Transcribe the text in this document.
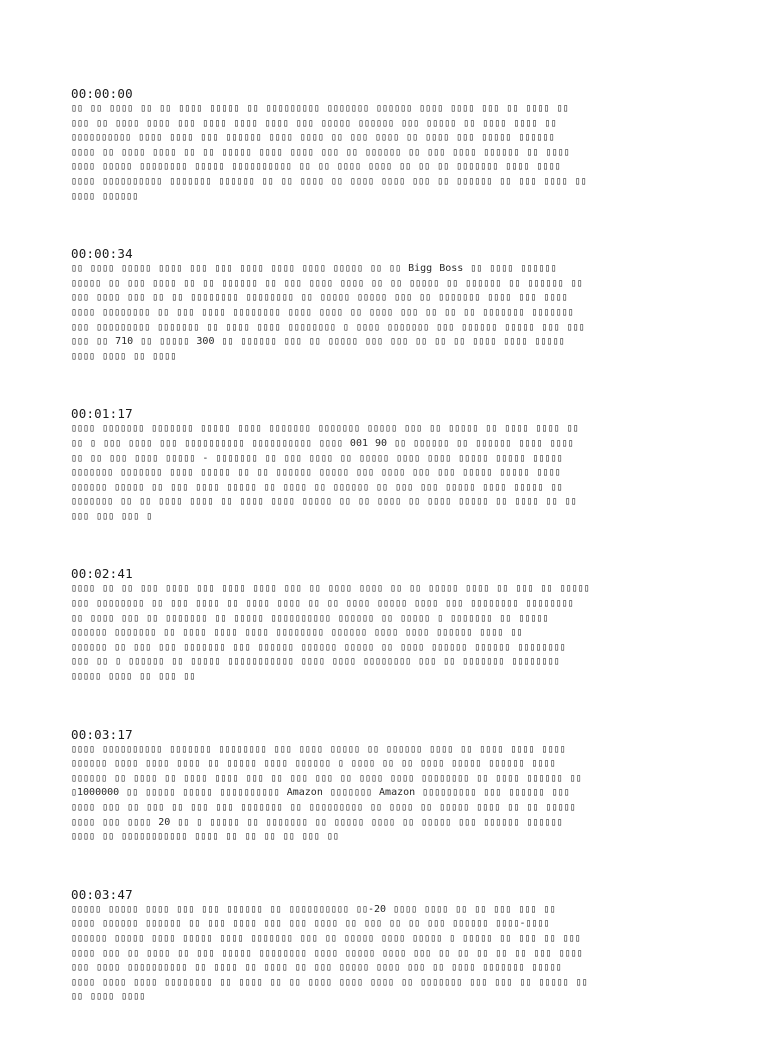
00:00:00
▯▯ ▯▯ ▯▯▯▯ ▯▯ ▯▯ ▯▯▯▯ ▯▯▯▯▯ ▯▯ ▯▯▯▯▯▯▯▯▯ ▯▯▯▯▯▯▯ ▯▯▯▯▯▯ ▯▯▯▯ ▯▯▯▯ ▯▯▯ ▯▯ ▯▯▯▯ ▯▯
▯▯▯ ▯▯ ▯▯▯▯ ▯▯▯▯ ▯▯▯ ▯▯▯▯ ▯▯▯▯ ▯▯▯▯ ▯▯▯ ▯▯▯▯▯ ▯▯▯▯▯▯ ▯▯▯ ▯▯▯▯▯ ▯▯ ▯▯▯▯ ▯▯▯▯ ▯▯
▯▯▯▯▯▯▯▯▯▯ ▯▯▯▯ ▯▯▯▯ ▯▯▯ ▯▯▯▯▯▯ ▯▯▯▯ ▯▯▯▯ ▯▯ ▯▯▯ ▯▯▯▯ ▯▯ ▯▯▯▯ ▯▯▯ ▯▯▯▯▯ ▯▯▯▯▯▯
▯▯▯▯ ▯▯ ▯▯▯▯ ▯▯▯▯ ▯▯ ▯▯ ▯▯▯▯▯ ▯▯▯▯ ▯▯▯▯ ▯▯▯ ▯▯ ▯▯▯▯▯▯ ▯▯ ▯▯▯ ▯▯▯▯ ▯▯▯▯▯▯ ▯▯ ▯▯▯▯
▯▯▯▯ ▯▯▯▯▯ ▯▯▯▯▯▯▯▯ ▯▯▯▯▯ ▯▯▯▯▯▯▯▯▯▯ ▯▯ ▯▯ ▯▯▯▯ ▯▯▯▯ ▯▯ ▯▯ ▯▯ ▯▯▯▯▯▯▯ ▯▯▯▯ ▯▯▯▯
▯▯▯▯ ▯▯▯▯▯▯▯▯▯▯ ▯▯▯▯▯▯▯ ▯▯▯▯▯▯ ▯▯ ▯▯ ▯▯▯▯ ▯▯ ▯▯▯▯ ▯▯▯▯ ▯▯▯ ▯▯ ▯▯▯▯▯▯ ▯▯ ▯▯▯ ▯▯▯▯ ▯▯
▯▯▯▯ ▯▯▯▯▯▯
00:00:34
▯▯ ▯▯▯▯ ▯▯▯▯▯ ▯▯▯▯ ▯▯▯ ▯▯▯ ▯▯▯▯ ▯▯▯▯ ▯▯▯▯ ▯▯▯▯▯ ▯▯ ▯▯ Bigg Boss ▯▯ ▯▯▯▯ ▯▯▯▯▯▯
▯▯▯▯▯ ▯▯ ▯▯▯ ▯▯▯▯ ▯▯ ▯▯ ▯▯▯▯▯▯ ▯▯ ▯▯▯ ▯▯▯▯ ▯▯▯▯ ▯▯ ▯▯ ▯▯▯▯▯ ▯▯ ▯▯▯▯▯▯ ▯▯ ▯▯▯▯▯▯ ▯▯
▯▯▯ ▯▯▯▯ ▯▯▯ ▯▯ ▯▯ ▯▯▯▯▯▯▯▯ ▯▯▯▯▯▯▯▯ ▯▯ ▯▯▯▯▯ ▯▯▯▯▯ ▯▯▯ ▯▯ ▯▯▯▯▯▯▯ ▯▯▯▯ ▯▯▯ ▯▯▯▯
▯▯▯▯ ▯▯▯▯▯▯▯▯ ▯▯ ▯▯▯ ▯▯▯▯ ▯▯▯▯▯▯▯▯ ▯▯▯▯ ▯▯▯▯ ▯▯ ▯▯▯▯ ▯▯▯ ▯▯ ▯▯ ▯▯ ▯▯▯▯▯▯▯ ▯▯▯▯▯▯▯
▯▯▯ ▯▯▯▯▯▯▯▯▯ ▯▯▯▯▯▯▯ ▯▯ ▯▯▯▯ ▯▯▯▯ ▯▯▯▯▯▯▯▯ ▯ ▯▯▯▯ ▯▯▯▯▯▯▯ ▯▯▯ ▯▯▯▯▯▯ ▯▯▯▯▯ ▯▯▯ ▯▯▯
▯▯▯ ▯▯ 710 ▯▯ ▯▯▯▯▯ 300 ▯▯ ▯▯▯▯▯▯ ▯▯▯ ▯▯ ▯▯▯▯▯ ▯▯▯ ▯▯▯ ▯▯ ▯▯ ▯▯ ▯▯▯▯ ▯▯▯▯ ▯▯▯▯▯
▯▯▯▯ ▯▯▯▯ ▯▯ ▯▯▯▯
00:01:17
▯▯▯▯ ▯▯▯▯▯▯▯ ▯▯▯▯▯▯▯ ▯▯▯▯▯ ▯▯▯▯ ▯▯▯▯▯▯▯ ▯▯▯▯▯▯▯ ▯▯▯▯▯ ▯▯▯ ▯▯ ▯▯▯▯▯ ▯▯ ▯▯▯▯ ▯▯▯▯ ▯▯
▯▯ ▯ ▯▯▯ ▯▯▯▯ ▯▯▯ ▯▯▯▯▯▯▯▯▯▯ ▯▯▯▯▯▯▯▯▯▯ ▯▯▯▯ 001 90 ▯▯ ▯▯▯▯▯▯ ▯▯ ▯▯▯▯▯▯ ▯▯▯▯ ▯▯▯▯
▯▯ ▯▯ ▯▯▯ ▯▯▯▯ ▯▯▯▯▯ - ▯▯▯▯▯▯▯ ▯▯ ▯▯▯ ▯▯▯▯ ▯▯ ▯▯▯▯▯ ▯▯▯▯ ▯▯▯▯ ▯▯▯▯▯ ▯▯▯▯▯ ▯▯▯▯▯
▯▯▯▯▯▯▯ ▯▯▯▯▯▯▯ ▯▯▯▯ ▯▯▯▯▯ ▯▯ ▯▯ ▯▯▯▯▯▯ ▯▯▯▯▯ ▯▯▯ ▯▯▯▯ ▯▯▯ ▯▯▯ ▯▯▯▯▯ ▯▯▯▯▯ ▯▯▯▯
▯▯▯▯▯▯ ▯▯▯▯▯ ▯▯ ▯▯▯ ▯▯▯▯ ▯▯▯▯▯ ▯▯ ▯▯▯▯ ▯▯ ▯▯▯▯▯▯ ▯▯ ▯▯▯ ▯▯▯ ▯▯▯▯▯ ▯▯▯▯ ▯▯▯▯▯ ▯▯
▯▯▯▯▯▯▯ ▯▯ ▯▯ ▯▯▯▯ ▯▯▯▯ ▯▯ ▯▯▯▯ ▯▯▯▯ ▯▯▯▯▯ ▯▯ ▯▯ ▯▯▯▯ ▯▯ ▯▯▯▯ ▯▯▯▯▯ ▯▯ ▯▯▯▯ ▯▯ ▯▯
▯▯▯ ▯▯▯ ▯▯▯ ▯
00:02:41
▯▯▯▯ ▯▯ ▯▯ ▯▯▯ ▯▯▯▯ ▯▯▯ ▯▯▯▯ ▯▯▯▯ ▯▯▯ ▯▯ ▯▯▯▯ ▯▯▯▯ ▯▯ ▯▯ ▯▯▯▯▯ ▯▯▯▯ ▯▯ ▯▯▯ ▯▯ ▯▯▯▯▯
▯▯▯ ▯▯▯▯▯▯▯▯ ▯▯ ▯▯▯ ▯▯▯▯ ▯▯ ▯▯▯▯ ▯▯▯▯ ▯▯ ▯▯ ▯▯▯▯ ▯▯▯▯▯ ▯▯▯▯ ▯▯▯ ▯▯▯▯▯▯▯▯ ▯▯▯▯▯▯▯▯
▯▯ ▯▯▯▯ ▯▯▯ ▯▯ ▯▯▯▯▯▯▯ ▯▯ ▯▯▯▯▯ ▯▯▯▯▯▯▯▯▯▯ ▯▯▯▯▯▯ ▯▯ ▯▯▯▯▯ ▯ ▯▯▯▯▯▯▯ ▯▯ ▯▯▯▯▯
▯▯▯▯▯▯ ▯▯▯▯▯▯▯ ▯▯ ▯▯▯▯ ▯▯▯▯ ▯▯▯▯ ▯▯▯▯▯▯▯▯ ▯▯▯▯▯▯ ▯▯▯▯ ▯▯▯▯ ▯▯▯▯▯▯ ▯▯▯▯ ▯▯
▯▯▯▯▯▯ ▯▯ ▯▯▯ ▯▯▯ ▯▯▯▯▯▯▯ ▯▯▯ ▯▯▯▯▯▯ ▯▯▯▯▯▯ ▯▯▯▯▯ ▯▯ ▯▯▯▯ ▯▯▯▯▯▯ ▯▯▯▯▯▯ ▯▯▯▯▯▯▯▯
▯▯▯ ▯▯ ▯ ▯▯▯▯▯▯ ▯▯ ▯▯▯▯▯ ▯▯▯▯▯▯▯▯▯▯▯ ▯▯▯▯ ▯▯▯▯ ▯▯▯▯▯▯▯▯ ▯▯▯ ▯▯ ▯▯▯▯▯▯▯ ▯▯▯▯▯▯▯▯
▯▯▯▯▯ ▯▯▯▯ ▯▯ ▯▯▯ ▯▯
00:03:17
▯▯▯▯ ▯▯▯▯▯▯▯▯▯▯ ▯▯▯▯▯▯▯ ▯▯▯▯▯▯▯▯ ▯▯▯ ▯▯▯▯ ▯▯▯▯▯ ▯▯ ▯▯▯▯▯▯ ▯▯▯▯ ▯▯ ▯▯▯▯ ▯▯▯▯ ▯▯▯▯
▯▯▯▯▯▯ ▯▯▯▯ ▯▯▯▯ ▯▯▯▯ ▯▯ ▯▯▯▯▯ ▯▯▯▯ ▯▯▯▯▯▯ ▯ ▯▯▯▯ ▯▯ ▯▯ ▯▯▯▯ ▯▯▯▯▯ ▯▯▯▯▯▯ ▯▯▯▯
▯▯▯▯▯▯ ▯▯ ▯▯▯▯ ▯▯ ▯▯▯▯ ▯▯▯▯ ▯▯▯ ▯▯ ▯▯▯ ▯▯▯ ▯▯ ▯▯▯▯ ▯▯▯▯ ▯▯▯▯▯▯▯▯ ▯▯ ▯▯▯▯ ▯▯▯▯▯▯ ▯▯
▯1000000 ▯▯ ▯▯▯▯▯ ▯▯▯▯▯ ▯▯▯▯▯▯▯▯▯▯ Amazon ▯▯▯▯▯▯▯ Amazon ▯▯▯▯▯▯▯▯▯ ▯▯▯ ▯▯▯▯▯▯ ▯▯▯
▯▯▯▯ ▯▯▯ ▯▯ ▯▯▯ ▯▯ ▯▯▯ ▯▯▯ ▯▯▯▯▯▯▯ ▯▯ ▯▯▯▯▯▯▯▯▯ ▯▯ ▯▯▯▯ ▯▯ ▯▯▯▯▯ ▯▯▯▯ ▯▯ ▯▯ ▯▯▯▯▯
▯▯▯▯ ▯▯▯ ▯▯▯▯ 20 ▯▯ ▯ ▯▯▯▯▯ ▯▯ ▯▯▯▯▯▯▯ ▯▯ ▯▯▯▯▯ ▯▯▯▯ ▯▯ ▯▯▯▯▯ ▯▯▯ ▯▯▯▯▯▯ ▯▯▯▯▯▯
▯▯▯▯ ▯▯ ▯▯▯▯▯▯▯▯▯▯▯ ▯▯▯▯ ▯▯ ▯▯ ▯▯ ▯▯ ▯▯▯ ▯▯
00:03:47
▯▯▯▯▯ ▯▯▯▯▯ ▯▯▯▯ ▯▯▯ ▯▯▯ ▯▯▯▯▯▯ ▯▯ ▯▯▯▯▯▯▯▯▯▯ ▯▯-20 ▯▯▯▯ ▯▯▯▯ ▯▯ ▯▯ ▯▯▯ ▯▯▯ ▯▯
▯▯▯▯ ▯▯▯▯▯▯ ▯▯▯▯▯▯ ▯▯ ▯▯▯ ▯▯▯▯ ▯▯▯ ▯▯▯ ▯▯▯▯ ▯▯ ▯▯▯ ▯▯ ▯▯ ▯▯▯ ▯▯▯▯▯▯ ▯▯▯▯-▯▯▯▯
▯▯▯▯▯▯ ▯▯▯▯▯ ▯▯▯▯ ▯▯▯▯▯ ▯▯▯▯ ▯▯▯▯▯▯▯ ▯▯▯ ▯▯ ▯▯▯▯▯ ▯▯▯▯ ▯▯▯▯▯ ▯ ▯▯▯▯▯ ▯▯ ▯▯▯ ▯▯ ▯▯▯
▯▯▯▯ ▯▯▯ ▯▯ ▯▯▯▯ ▯▯ ▯▯▯ ▯▯▯▯▯ ▯▯▯▯▯▯▯▯ ▯▯▯▯ ▯▯▯▯▯ ▯▯▯▯ ▯▯▯ ▯▯ ▯▯ ▯▯ ▯▯ ▯▯ ▯▯▯ ▯▯▯▯
▯▯▯ ▯▯▯▯ ▯▯▯▯▯▯▯▯▯▯ ▯▯ ▯▯▯▯ ▯▯ ▯▯▯▯ ▯▯ ▯▯▯ ▯▯▯▯▯ ▯▯▯▯ ▯▯▯ ▯▯ ▯▯▯▯ ▯▯▯▯▯▯▯ ▯▯▯▯▯
▯▯▯▯ ▯▯▯▯ ▯▯▯▯ ▯▯▯▯▯▯▯▯ ▯▯ ▯▯▯▯ ▯▯ ▯▯ ▯▯▯▯ ▯▯▯▯ ▯▯▯▯ ▯▯ ▯▯▯▯▯▯▯ ▯▯▯ ▯▯▯ ▯▯ ▯▯▯▯▯ ▯▯
▯▯ ▯▯▯▯ ▯▯▯▯
